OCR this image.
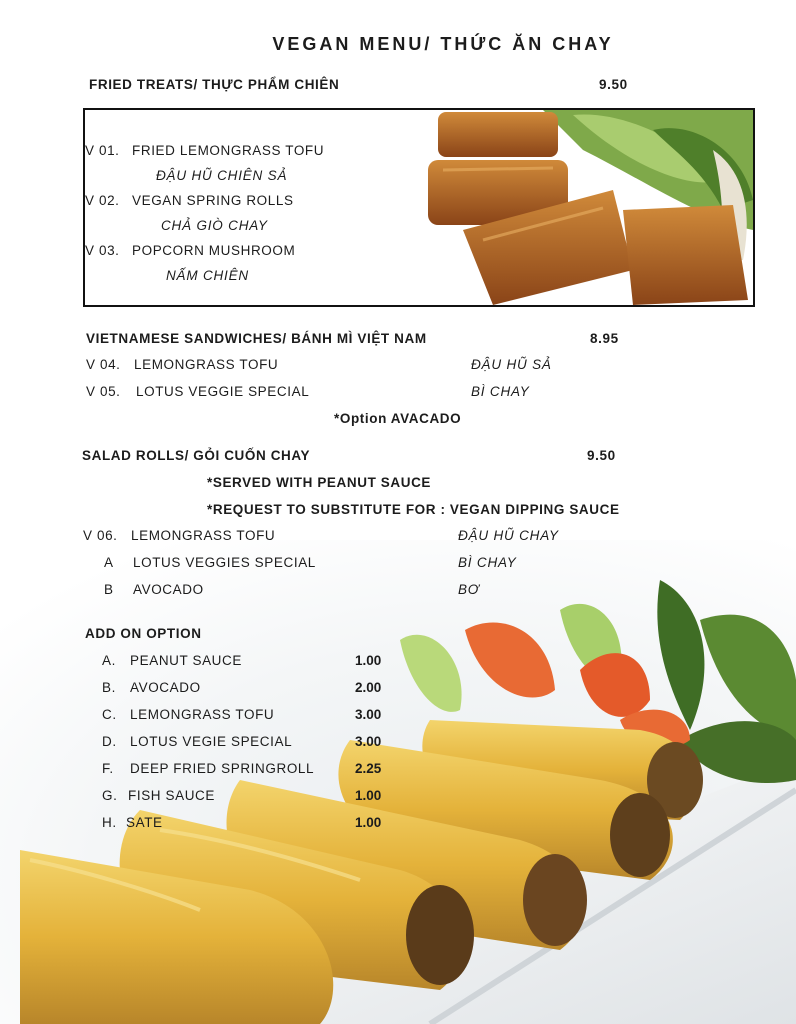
VEGAN MENU/ THỨC ĂN CHAY
FRIED TREATS/ THỰC PHẨM CHIÊN	9.50
V 01. FRIED LEMONGRASS TOFU
ĐẬU HŨ CHIÊN SẢ
V 02. VEGAN SPRING ROLLS
CHẢ GIÒ CHAY
V 03. POPCORN MUSHROOM
NẤM CHIÊN
VIETNAMESE SANDWICHES/ BÁNH MÌ VIỆT NAM	8.95
V 04. LEMONGRASS TOFU	ĐẬU HŨ SẢ
V 05. LOTUS VEGGIE SPECIAL	BÌ CHAY
*Option AVACADO
SALAD ROLLS/ GỎI CUỐN CHAY	9.50
*SERVED WITH PEANUT SAUCE
*REQUEST TO SUBSTITUTE FOR : VEGAN DIPPING SAUCE
V 06. LEMONGRASS TOFU	ĐẬU HŨ CHAY
A LOTUS VEGGIES SPECIAL	BÌ CHAY
B AVOCADO	BƠ
ADD ON OPTION
A. PEANUT SAUCE	1.00
B. AVOCADO	2.00
C. LEMONGRASS TOFU	3.00
D. LOTUS VEGIE SPECIAL	3.00
F. DEEP FRIED SPRINGROLL	2.25
G. FISH SAUCE	1.00
H. SATE	1.00
